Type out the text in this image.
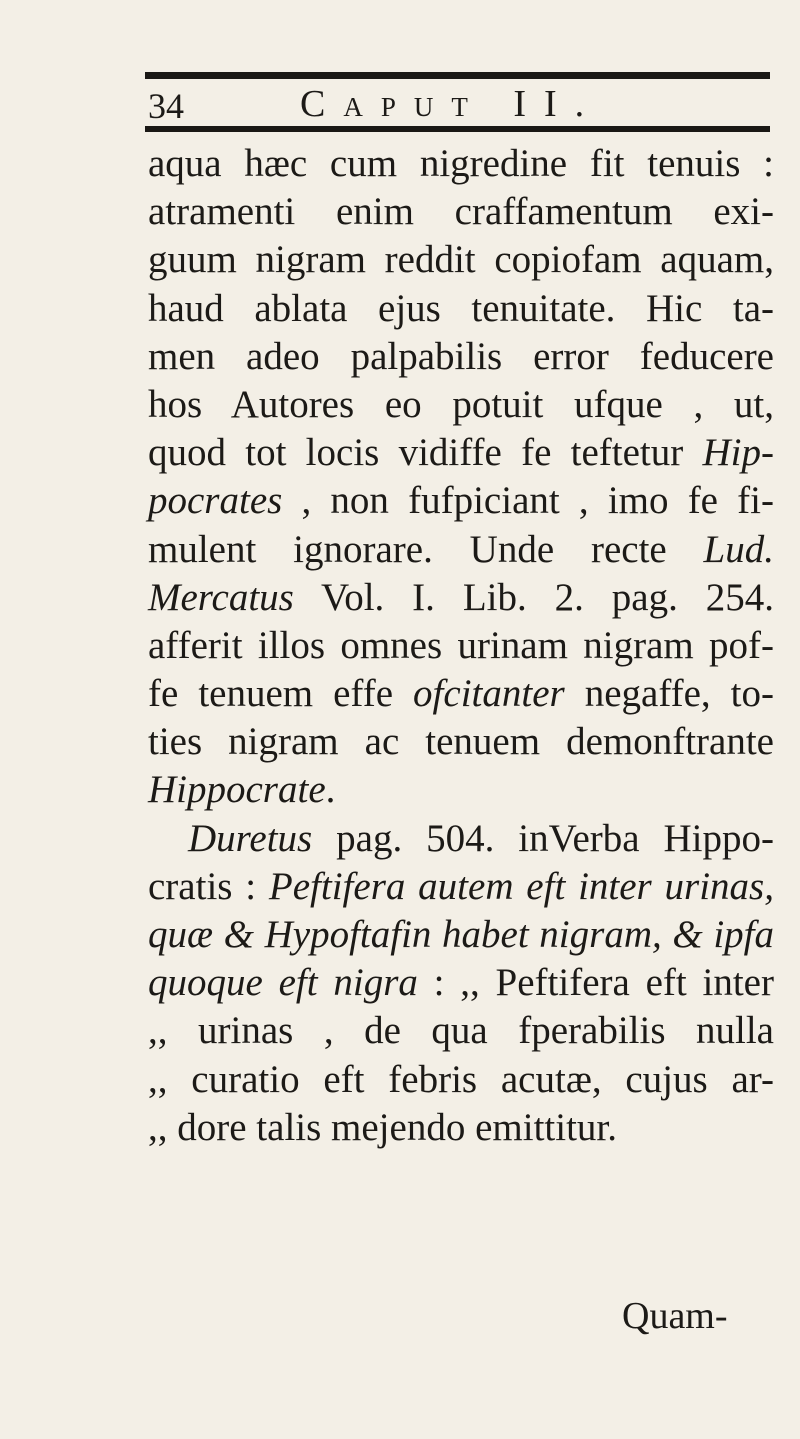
34	Caput II.
aqua hæc cum nigredine fit tenuis :
atramenti enim craffamentum exi-
guum nigram reddit copiofam aquam,
haud ablata ejus tenuitate. Hic ta-
men adeo palpabilis error feducere
hos Autores eo potuit ufque , ut,
quod tot locis vidiffe fe teftetur Hip-
pocrates , non fufpiciant , imo fe fi-
mulent ignorare. Unde recte Lud.
Mercatus Vol. I. Lib. 2. pag. 254.
afferit illos omnes urinam nigram pof-
fe tenuem effe ofcitanter negaffe, to-
ties nigram ac tenuem demonftrante
Hippocrate.
Duretus pag. 504. inVerba Hippo-
cratis : Peftifera autem eft inter urinas,
quæ & Hypoftafin habet nigram, & ipfa
quoque eft nigra : ,, Peftifera eft inter
,, urinas , de qua fperabilis nulla
,, curatio eft febris acutæ, cujus ar-
,, dore talis mejendo emittitur.
Quam-
